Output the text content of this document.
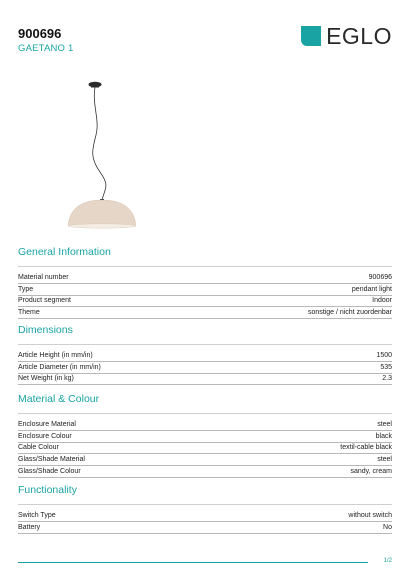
900696
GAETANO 1	EGLO
General Information
Material number	900696
Type	pendant light
Product segment	Indoor
Theme	sonstige / nicht zuordenbar
Dimensions
Article Height (in mm/in)	1500
Article Diameter (in mm/in)	535
Net Weight (in kg)	2.3
Material & Colour
Enclosure Material	steel
Enclosure Colour	black
Cable Colour	textil-cable black
Glass/Shade Material	steel
Glass/Shade Colour	sandy, cream
Functionality
Switch Type	without switch
Battery	No
1/2
